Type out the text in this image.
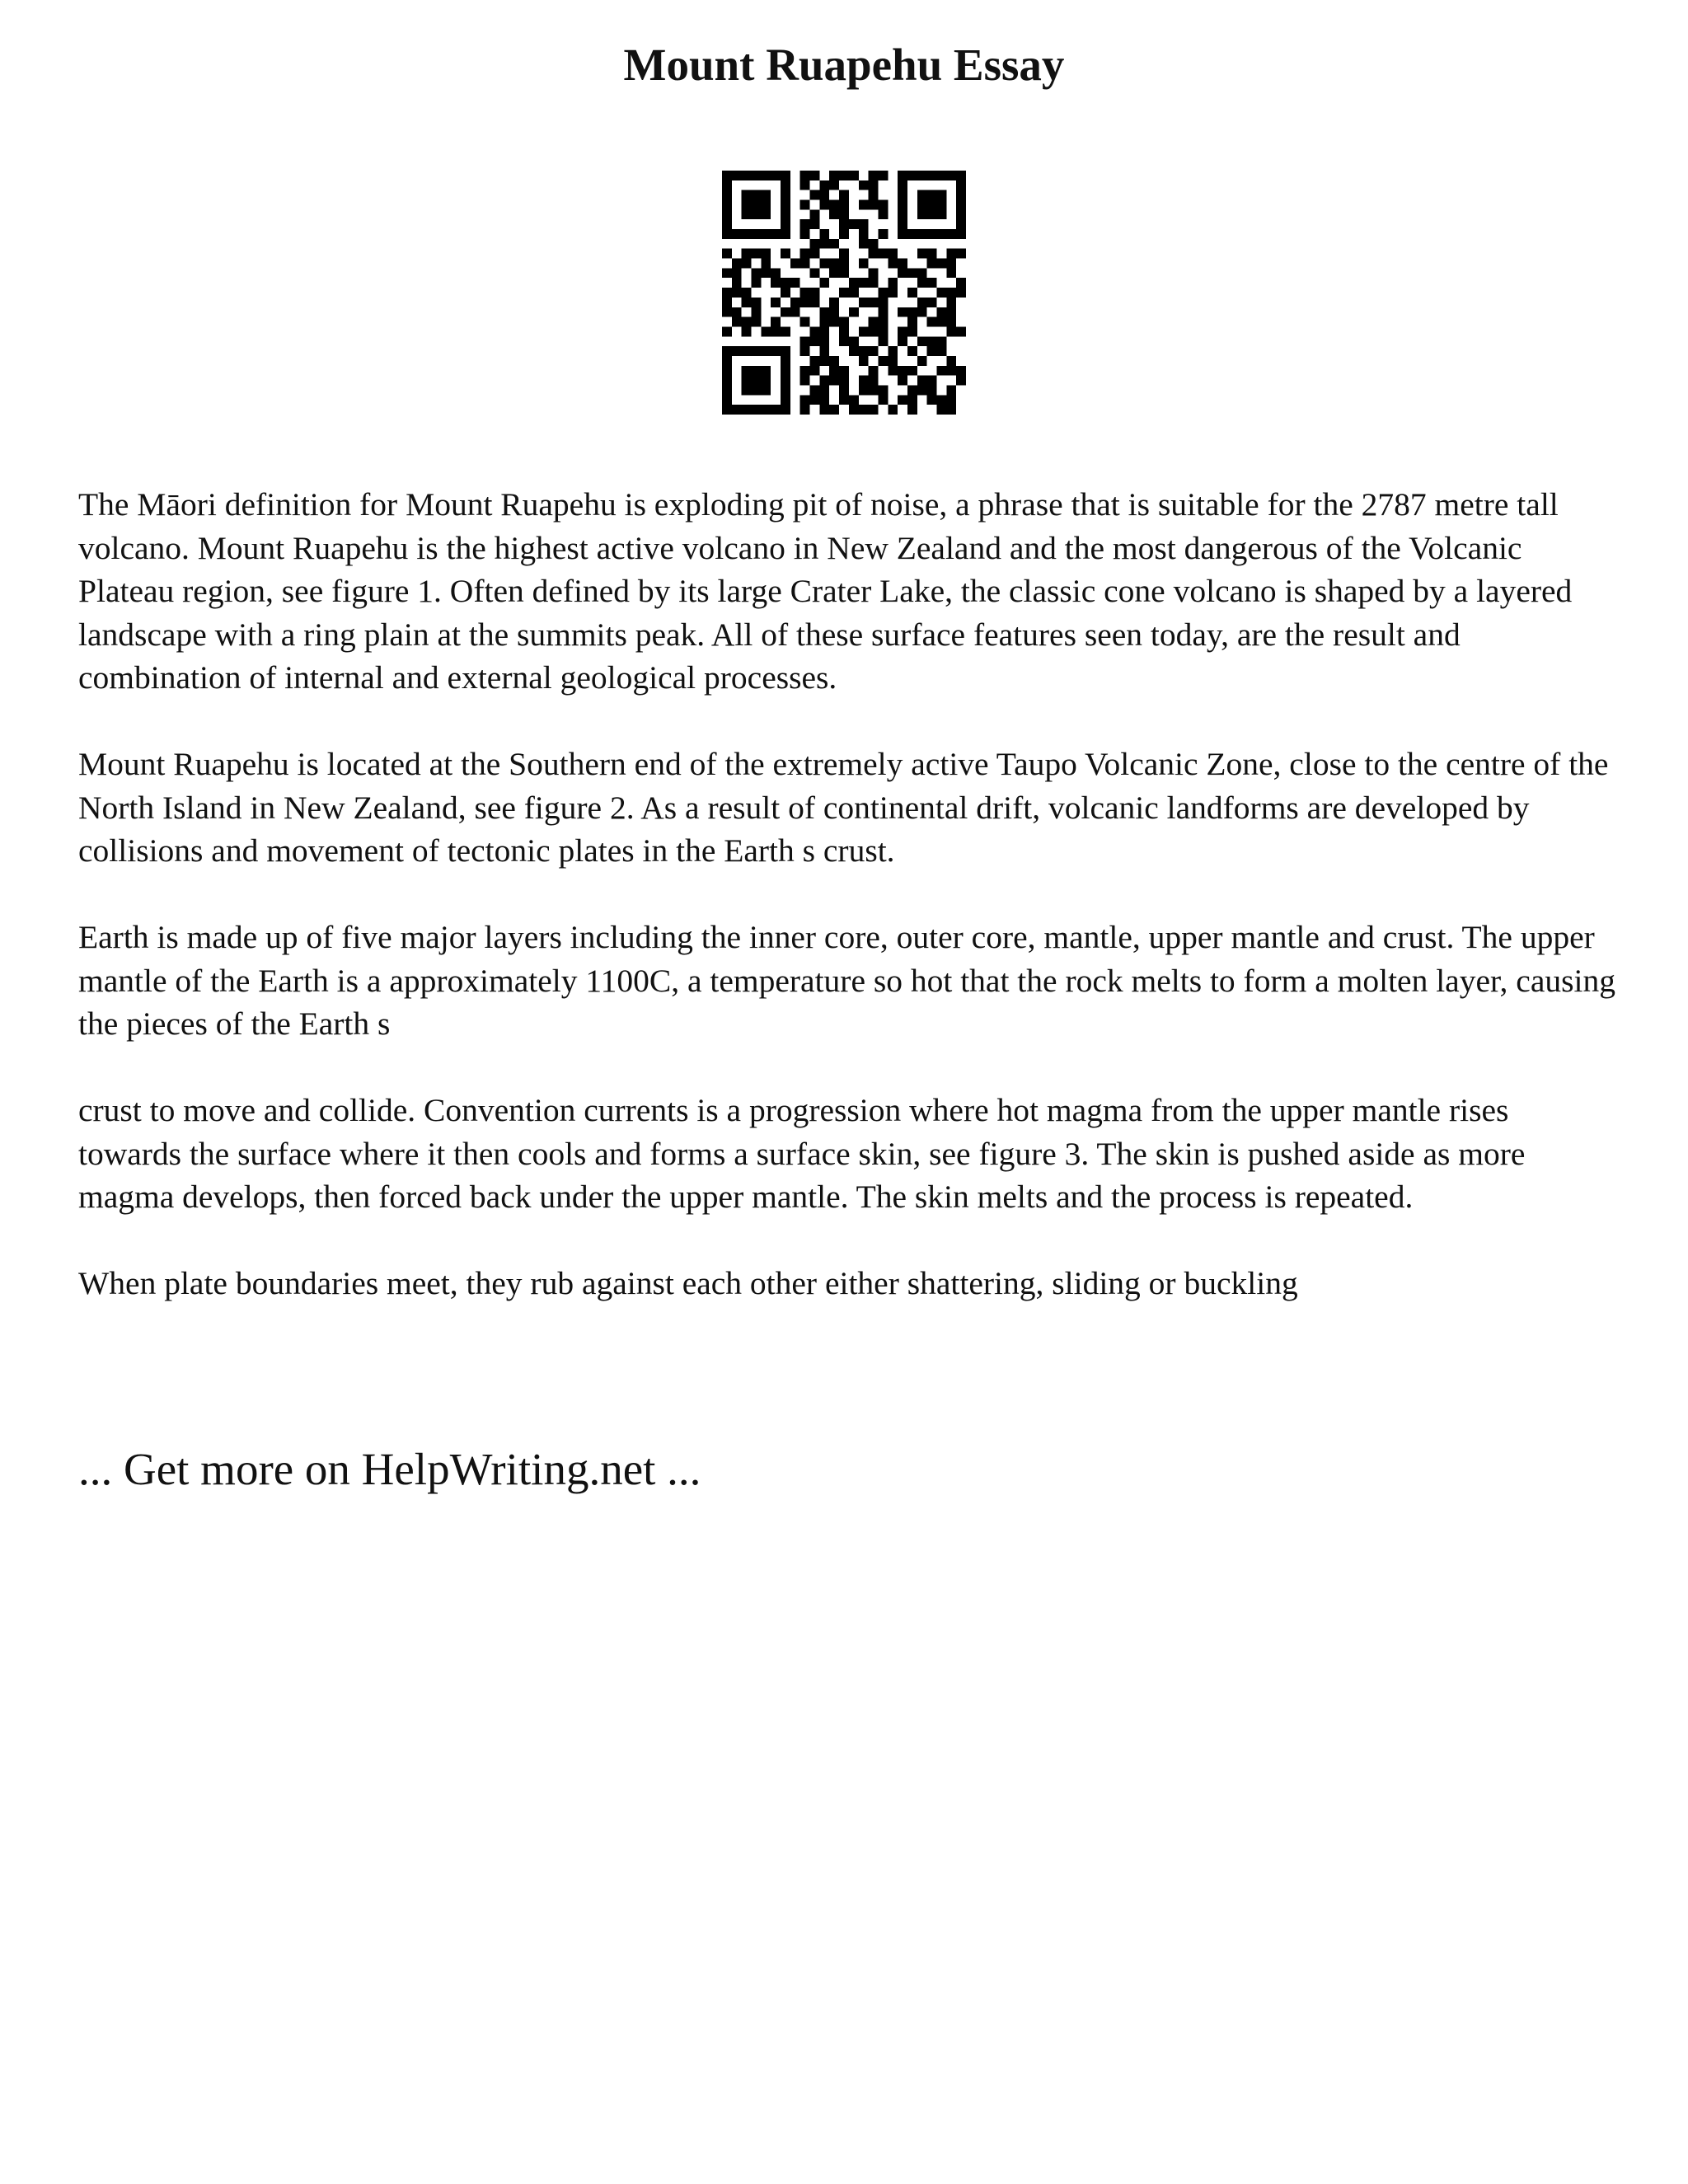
Mount Ruapehu Essay

The Māori definition for Mount Ruapehu is exploding pit of noise, a phrase that is suitable for the 2787 metre tall volcano. Mount Ruapehu is the highest active volcano in New Zealand and the most dangerous of the Volcanic Plateau region, see figure 1. Often defined by its large Crater Lake, the classic cone volcano is shaped by a layered landscape with a ring plain at the summits peak. All of these surface features seen today, are the result and combination of internal and external geological processes.

Mount Ruapehu is located at the Southern end of the extremely active Taupo Volcanic Zone, close to the centre of the North Island in New Zealand, see figure 2. As a result of continental drift, volcanic landforms are developed by collisions and movement of tectonic plates in the Earth s crust.

Earth is made up of five major layers including the inner core, outer core, mantle, upper mantle and crust. The upper mantle of the Earth is a approximately 1100C, a temperature so hot that the rock melts to form a molten layer, causing the pieces of the Earth s

crust to move and collide. Convention currents is a progression where hot magma from the upper mantle rises towards the surface where it then cools and forms a surface skin, see figure 3. The skin is pushed aside as more magma develops, then forced back under the upper mantle. The skin melts and the process is repeated.

When plate boundaries meet, they rub against each other either shattering, sliding or buckling

... Get more on HelpWriting.net ...
